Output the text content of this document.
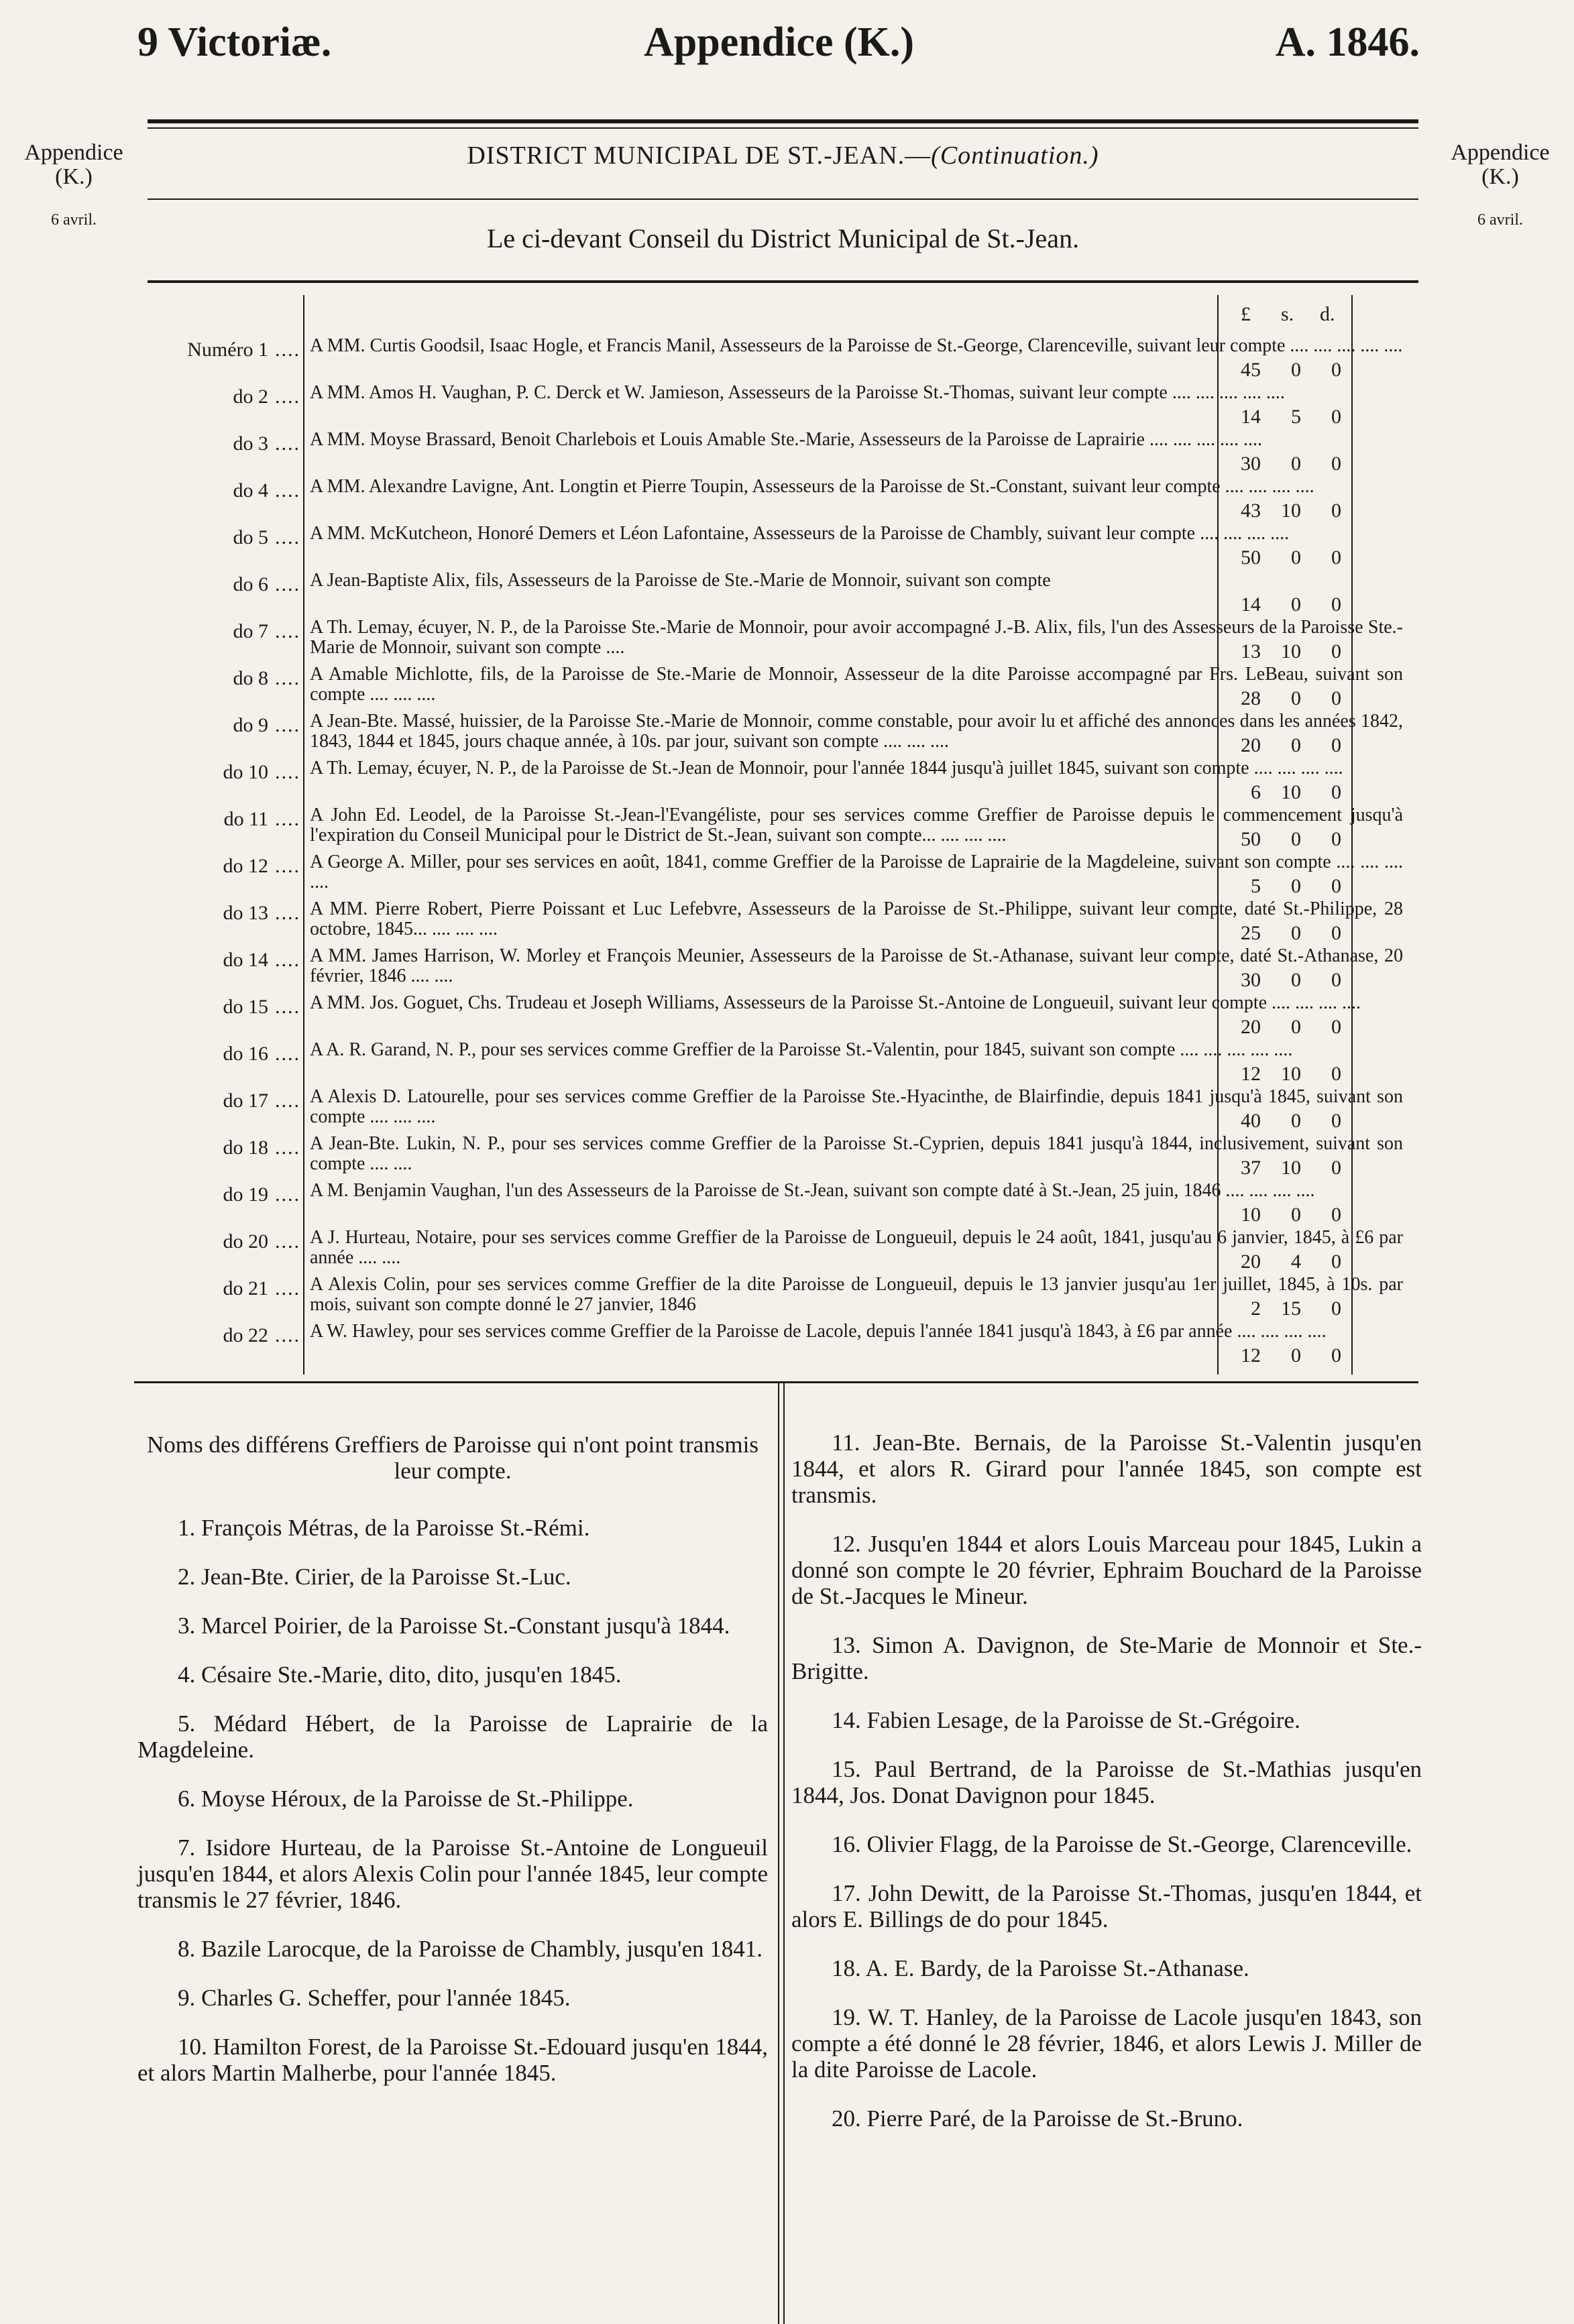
9 Victoriæ.	Appendice (K.)	A. 1846.
Appendice (K.)
6 avril.
Appendice (K.)
6 avril.
DISTRICT MUNICIPAL DE ST.-JEAN.—(Continuation.)
Le ci-devant Conseil du District Municipal de St.-Jean.
£ s. d.
Numéro 1 .... A MM. Curtis Goodsil, Isaac Hogle, et Francis Manil, Assesseurs de la Paroisse de St.-George, Clarenceville, suivant leur compte .... .... .... .... ....
45	0	0
do 2 .... A MM. Amos H. Vaughan, P. C. Derck et W. Jamieson, Assesseurs de la Paroisse St.-Thomas, suivant leur compte .... .... .... .... ....
14	5	0
do 3 .... A MM. Moyse Brassard, Benoit Charlebois et Louis Amable Ste.-Marie, Assesseurs de la Paroisse de Laprairie .... .... .... .... ....
30	0	0
do 4 .... A MM. Alexandre Lavigne, Ant. Longtin et Pierre Toupin, Assesseurs de la Paroisse de St.-Constant, suivant leur compte .... .... .... ....
43	10	0
do 5 .... A MM. McKutcheon, Honoré Demers et Léon Lafontaine, Assesseurs de la Paroisse de Chambly, suivant leur compte .... .... .... ....
50	0	0
do 6 .... A Jean-Baptiste Alix, fils, Assesseurs de la Paroisse de Ste.-Marie de Monnoir, suivant son compte
14	0	0
do 7 .... A Th. Lemay, écuyer, N. P., de la Paroisse Ste.-Marie de Monnoir, pour avoir accompagné J.-B. Alix, fils, l'un des Assesseurs de la Paroisse Ste.-Marie de Monnoir, suivant son compte ....	13	10	0
do 8 .... A Amable Michlotte, fils, de la Paroisse de Ste.-Marie de Monnoir, Assesseur de la dite Paroisse accompagné par Frs. LeBeau, suivant son compte .... .... ....	28	0	0
do 9 .... A Jean-Bte. Massé, huissier, de la Paroisse Ste.-Marie de Monnoir, comme constable, pour avoir lu et affiché des annonces dans les années 1842, 1843, 1844 et 1845, jours chaque année, à 10s. par jour, suivant son compte .... .... ....	20	0	0
do 10 .... A Th. Lemay, écuyer, N. P., de la Paroisse de St.-Jean de Monnoir, pour l'année 1844 jusqu'à juillet 1845, suivant son compte .... .... .... ....
6	10	0
do 11 .... A John Ed. Leodel, de la Paroisse St.-Jean-l'Evangéliste, pour ses services comme Greffier de Paroisse depuis le commencement jusqu'à l'expiration du Conseil Municipal pour le District de St.-Jean, suivant son compte... .... .... ....	50	0	0
do 12 .... A George A. Miller, pour ses services en août, 1841, comme Greffier de la Paroisse de Laprairie de la Magdeleine, suivant son compte .... .... .... ....	5	0	0
do 13 .... A MM. Pierre Robert, Pierre Poissant et Luc Lefebvre, Assesseurs de la Paroisse de St.-Philippe, suivant leur compte, daté St.-Philippe, 28 octobre, 1845... .... .... ....	25	0	0
do 14 .... A MM. James Harrison, W. Morley et François Meunier, Assesseurs de la Paroisse de St.-Athanase, suivant leur compte, daté St.-Athanase, 20 février, 1846 .... ....	30	0	0
do 15 .... A MM. Jos. Goguet, Chs. Trudeau et Joseph Williams, Assesseurs de la Paroisse St.-Antoine de Longueuil, suivant leur compte .... .... .... ....
20	0	0
do 16 .... A A. R. Garand, N. P., pour ses services comme Greffier de la Paroisse St.-Valentin, pour 1845, suivant son compte .... .... .... .... ....
12	10	0
do 17 .... A Alexis D. Latourelle, pour ses services comme Greffier de la Paroisse Ste.-Hyacinthe, de Blairfindie, depuis 1841 jusqu'à 1845, suivant son compte .... .... ....	40	0	0
do 18 .... A Jean-Bte. Lukin, N. P., pour ses services comme Greffier de la Paroisse St.-Cyprien, depuis 1841 jusqu'à 1844, inclusivement, suivant son compte .... ....	37	10	0
do 19 .... A M. Benjamin Vaughan, l'un des Assesseurs de la Paroisse de St.-Jean, suivant son compte daté à St.-Jean, 25 juin, 1846 .... .... .... ....
10	0	0
do 20 .... A J. Hurteau, Notaire, pour ses services comme Greffier de la Paroisse de Longueuil, depuis le 24 août, 1841, jusqu'au 6 janvier, 1845, à £6 par année .... ....	20	4	0
do 21 .... A Alexis Colin, pour ses services comme Greffier de la dite Paroisse de Longueuil, depuis le 13 janvier jusqu'au 1er juillet, 1845, à 10s. par mois, suivant son compte donné le 27 janvier, 1846	2	15	0
do 22 .... A W. Hawley, pour ses services comme Greffier de la Paroisse de Lacole, depuis l'année 1841 jusqu'à 1843, à £6 par année .... .... .... ....
12	0	0

Noms des différens Greffiers de Paroisse qui n'ont point transmis leur compte.

1. François Métras, de la Paroisse St.-Rémi.

2. Jean-Bte. Cirier, de la Paroisse St.-Luc.

3. Marcel Poirier, de la Paroisse St.-Constant jusqu'à 1844.

4. Césaire Ste.-Marie, dito, dito, jusqu'en 1845.

5. Médard Hébert, de la Paroisse de Laprairie de la Magdeleine.

6. Moyse Héroux, de la Paroisse de St.-Philippe.

7. Isidore Hurteau, de la Paroisse St.-Antoine de Longueuil jusqu'en 1844, et alors Alexis Colin pour l'année 1845, leur compte transmis le 27 février, 1846.

8. Bazile Larocque, de la Paroisse de Chambly, jusqu'en 1841.

9. Charles G. Scheffer, pour l'année 1845.

10. Hamilton Forest, de la Paroisse St.-Edouard jusqu'en 1844, et alors Martin Malherbe, pour l'année 1845.

11. Jean-Bte. Bernais, de la Paroisse St.-Valentin jusqu'en 1844, et alors R. Girard pour l'année 1845, son compte est transmis.

12. Jusqu'en 1844 et alors Louis Marceau pour 1845, Lukin a donné son compte le 20 février, Ephraim Bouchard de la Paroisse de St.-Jacques le Mineur.

13. Simon A. Davignon, de Ste-Marie de Monnoir et Ste.-Brigitte.

14. Fabien Lesage, de la Paroisse de St.-Grégoire.

15. Paul Bertrand, de la Paroisse de St.-Mathias jusqu'en 1844, Jos. Donat Davignon pour 1845.

16. Olivier Flagg, de la Paroisse de St.-George, Clarenceville.

17. John Dewitt, de la Paroisse St.-Thomas, jusqu'en 1844, et alors E. Billings de do pour 1845.

18. A. E. Bardy, de la Paroisse St.-Athanase.

19. W. T. Hanley, de la Paroisse de Lacole jusqu'en 1843, son compte a été donné le 28 février, 1846, et alors Lewis J. Miller de la dite Paroisse de Lacole.

20. Pierre Paré, de la Paroisse de St.-Bruno.
